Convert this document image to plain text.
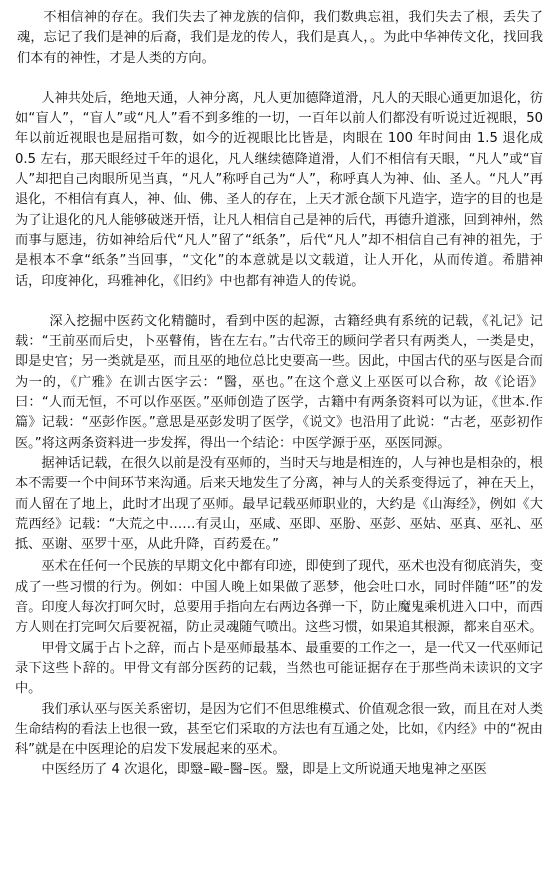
不相信神的存在。我们失去了神龙族的信仰，我们数典忘祖，我们失去了根，丢失了魂，忘记了我们是神的后裔，我们是龙的传人，我们是真人，。为此中华神传文化，找回我们本有的神性，才是人类的方向。

人神共处后，绝地天通，人神分离，凡人更加德降道滑，凡人的天眼心通更加退化，彷如“盲人”，“盲人”或“凡人”看不到多维的一切，一百年以前人们都没有听说过近视眼，50 年以前近视眼也是屈指可数，如今的近视眼比比皆是，肉眼在 100 年时间由 1.5 退化成 0.5 左右，那天眼经过千年的退化，凡人继续德降道滑，人们不相信有天眼，“凡人”或“盲人”却把自己肉眼所见当真，“凡人”称呼自己为“人”，称呼真人为神、仙、圣人。“凡人”再退化，不相信有真人，神、仙、佛、圣人的存在，上天才派仓颉下凡造字，造字的目的也是为了让退化的凡人能够破迷开悟，让凡人相信自己是神的后代，再德升道涨，回到神州，然而事与愿违，彷如神给后代“凡人”留了“纸条”，后代“凡人”却不相信自己有神的祖先，于是根本不拿“纸条”当回事，“文化”的本意就是以文载道，让人开化，从而传道。希腊神话，印度神化，玛雅神化，《旧约》中也都有神造人的传说。

深入挖掘中医药文化精髓时，看到中医的起源，古籍经典有系统的记载，《礼记》记载：“王前巫而后史，卜巫瞽侑，皆在左右。”古代帝王的顾问学者只有两类人，一类是史，即是史官；另一类就是巫，而且巫的地位总比史要高一些。因此，中国古代的巫与医是合而为一的，《广雅》在训古医字云：“醫，巫也。”在这个意义上巫医可以合称，故《论语》曰：“人而无恒，不可以作巫医。”巫师创造了医学，古籍中有两条资料可以为证，《世本.作篇》记载：“巫彭作医。”意思是巫彭发明了医学，《说文》也沿用了此说：“古老，巫彭初作医。”将这两条资料进一步发挥，得出一个结论：中医学源于巫，巫医同源。

据神话记载，在很久以前是没有巫师的，当时天与地是相连的，人与神也是相杂的，根本不需要一个中间环节来沟通。后来天地发生了分离，神与人的关系变得远了，神在天上，而人留在了地上，此时才出现了巫师。最早记载巫师职业的，大约是《山海经》，例如《大荒西经》记载：“大荒之中……有灵山，巫咸、巫即、巫朌、巫彭、巫姑、巫真、巫礼、巫抵、巫谢、巫罗十巫，从此升降，百药爰在。”

巫术在任何一个民族的早期文化中都有印迹，即使到了现代，巫术也没有彻底消失，变成了一些习惯的行为。例如：中国人晚上如果做了恶梦，他会吐口水，同时伴随“呸”的发音。印度人每次打呵欠时，总要用手指向左右两边各弹一下，防止魔鬼乘机进入口中，而西方人则在打完呵欠后要祝福，防止灵魂随气喷出。这些习惯，如果追其根源，都来自巫术。

甲骨文属于占卜之辞，而占卜是巫师最基本、最重要的工作之一，是一代又一代巫师记录下这些卜辞的。甲骨文有部分医药的记载，当然也可能证据存在于那些尚未读识的文字中。

我们承认巫与医关系密切，是因为它们不但思维模式、价值观念很一致，而且在对人类生命结构的看法上也很一致，甚至它们采取的方法也有互通之处，比如，《内经》中的“祝由科”就是在中医理论的启发下发展起来的巫术。

中医经历了 4 次退化，即毉–毆–醫–医。毉，即是上文所说通天地鬼神之巫医
